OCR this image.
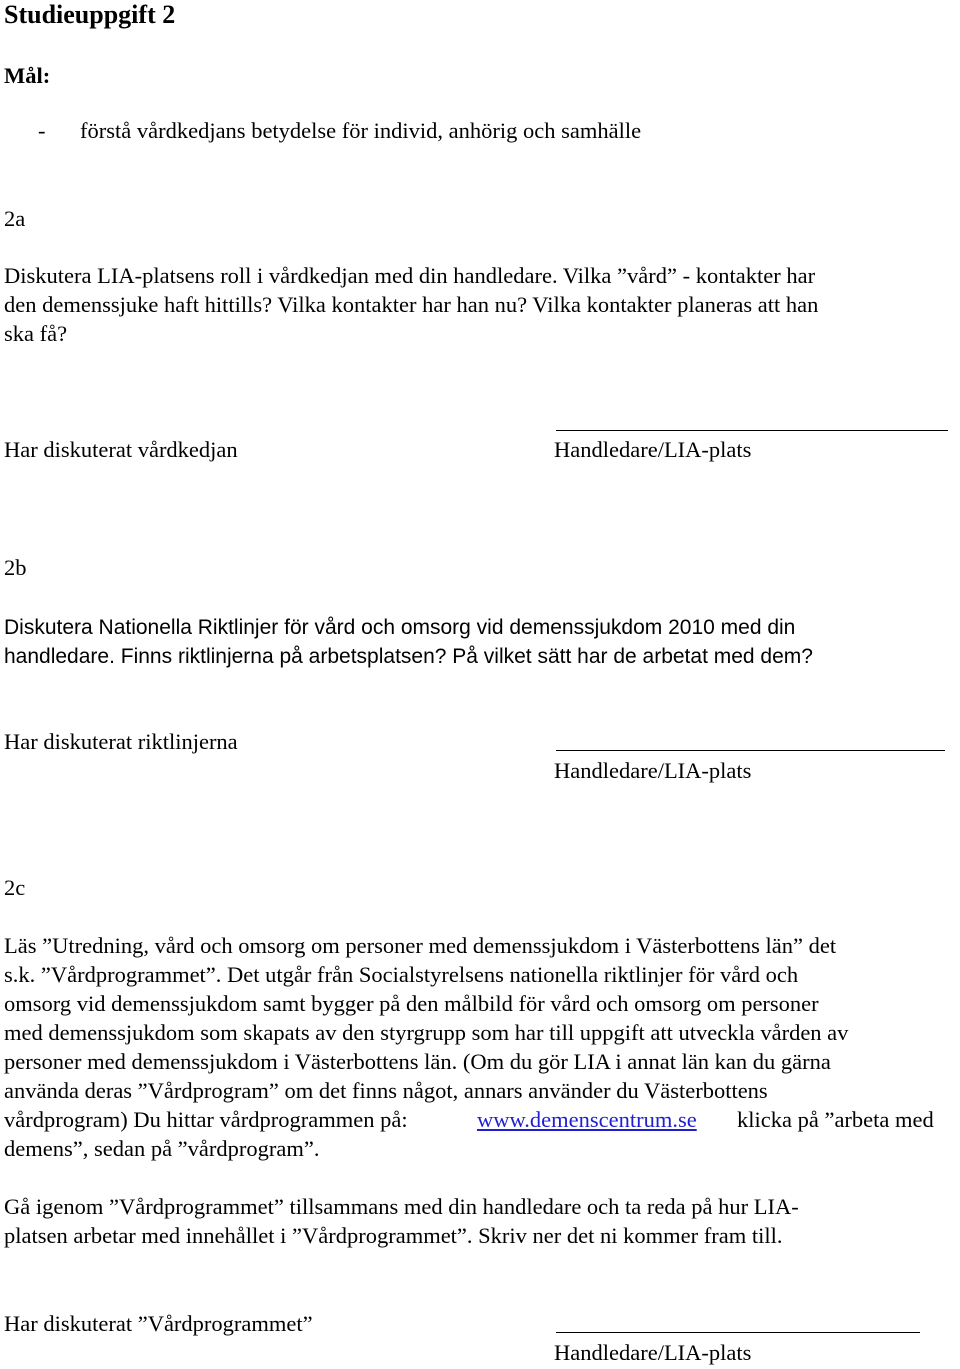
Studieuppgift 2
Mål:
- förstå vårdkedjans betydelse för individ, anhörig och samhälle
2a
Diskutera LIA-platsens roll i vårdkedjan med din handledare. Vilka ”vård” - kontakter har
den demenssjuke haft hittills? Vilka kontakter har han nu? Vilka kontakter planeras att han
ska få?
Har diskuterat vårdkedjan	Handledare/LIA-plats
2b
Diskutera Nationella Riktlinjer för vård och omsorg vid demenssjukdom 2010 med din
handledare. Finns riktlinjerna på arbetsplatsen? På vilket sätt har de arbetat med dem?
Har diskuterat riktlinjerna
Handledare/LIA-plats
2c
Läs ”Utredning, vård och omsorg om personer med demenssjukdom i Västerbottens län” det
s.k. ”Vårdprogrammet”. Det utgår från Socialstyrelsens nationella riktlinjer för vård och
omsorg vid demenssjukdom samt bygger på den målbild för vård och omsorg om personer
med demenssjukdom som skapats av den styrgrupp som har till uppgift att utveckla vården av
personer med demenssjukdom i Västerbottens län. (Om du gör LIA i annat län kan du gärna
använda deras ”Vårdprogram” om det finns något, annars använder du Västerbottens
vårdprogram) Du hittar vårdprogrammen på:	www.demenscentrum.se klicka på ”arbeta med
demens”, sedan på ”vårdprogram”.
Gå igenom ”Vårdprogrammet” tillsammans med din handledare och ta reda på hur LIA-
platsen arbetar med innehållet i ”Vårdprogrammet”. Skriv ner det ni kommer fram till.
Har diskuterat ”Vårdprogrammet”
Handledare/LIA-plats
